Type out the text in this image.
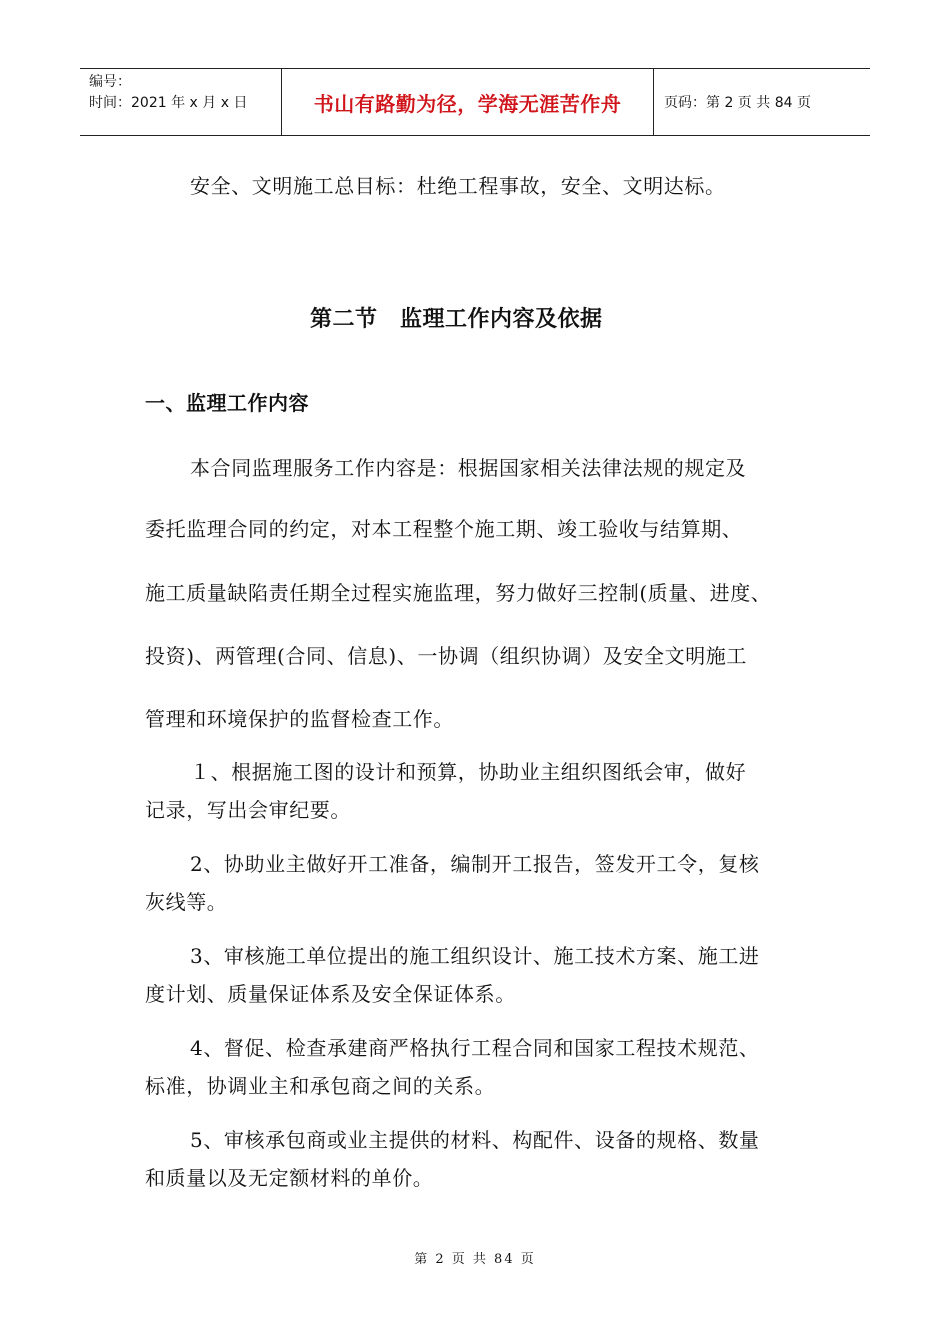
编号：
时间：2021 年 x 月 x 日	书山有路勤为径，学海无涯苦作舟	页码：第 2 页 共 84 页
安全、文明施工总目标：杜绝工程事故，安全、文明达标。
第二节　监理工作内容及依据
一、监理工作内容
本合同监理服务工作内容是：根据国家相关法律法规的规定及
委托监理合同的约定，对本工程整个施工期、竣工验收与结算期、
施工质量缺陷责任期全过程实施监理，努力做好三控制(质量、进度、
投资)、两管理(合同、信息)、一协调（组织协调）及安全文明施工
管理和环境保护的监督检查工作。
１、根据施工图的设计和预算，协助业主组织图纸会审，做好
记录，写出会审纪要。
2、协助业主做好开工准备，编制开工报告，签发开工令，复核
灰线等。
3、审核施工单位提出的施工组织设计、施工技术方案、施工进
度计划、质量保证体系及安全保证体系。
4、督促、检查承建商严格执行工程合同和国家工程技术规范、
标准，协调业主和承包商之间的关系。
5、审核承包商或业主提供的材料、构配件、设备的规格、数量
和质量以及无定额材料的单价。
第 2 页 共 84 页
